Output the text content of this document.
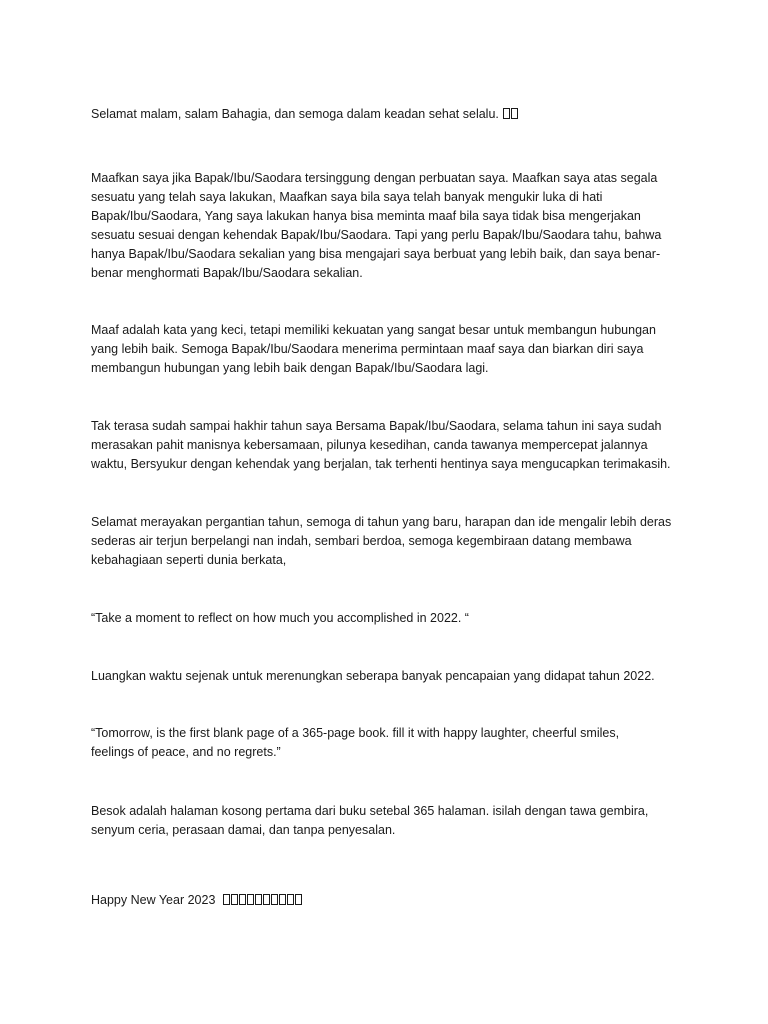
Selamat malam, salam Bahagia, dan semoga dalam keadan sehat selalu.

Maafkan saya jika Bapak/Ibu/Saodara tersinggung dengan perbuatan saya. Maafkan saya atas segala
sesuatu yang telah saya lakukan, Maafkan saya bila saya telah banyak mengukir luka di hati
Bapak/Ibu/Saodara, Yang saya lakukan hanya bisa meminta maaf bila saya tidak bisa mengerjakan
sesuatu sesuai dengan kehendak Bapak/Ibu/Saodara. Tapi yang perlu Bapak/Ibu/Saodara tahu, bahwa
hanya Bapak/Ibu/Saodara sekalian yang bisa mengajari saya berbuat yang lebih baik, dan saya benar-
benar menghormati Bapak/Ibu/Saodara sekalian.

Maaf adalah kata yang keci, tetapi memiliki kekuatan yang sangat besar untuk membangun hubungan
yang lebih baik. Semoga Bapak/Ibu/Saodara menerima permintaan maaf saya dan biarkan diri saya
membangun hubungan yang lebih baik dengan Bapak/Ibu/Saodara lagi.

Tak terasa sudah sampai hakhir tahun saya Bersama Bapak/Ibu/Saodara, selama tahun ini saya sudah
merasakan pahit manisnya kebersamaan, pilunya kesedihan, canda tawanya mempercepat jalannya
waktu, Bersyukur dengan kehendak yang berjalan, tak terhenti hentinya saya mengucapkan terimakasih.

Selamat merayakan pergantian tahun, semoga di tahun yang baru, harapan dan ide mengalir lebih deras
sederas air terjun berpelangi nan indah, sembari berdoa, semoga kegembiraan datang membawa
kebahagiaan seperti dunia berkata,

“Take a moment to reflect on how much you accomplished in 2022. “

Luangkan waktu sejenak untuk merenungkan seberapa banyak pencapaian yang didapat tahun 2022.

“Tomorrow, is the first blank page of a 365-page book. fill it with happy laughter, cheerful smiles,
feelings of peace, and no regrets.”

Besok adalah halaman kosong pertama dari buku setebal 365 halaman. isilah dengan tawa gembira,
senyum ceria, perasaan damai, dan tanpa penyesalan.

Happy New Year 2023
